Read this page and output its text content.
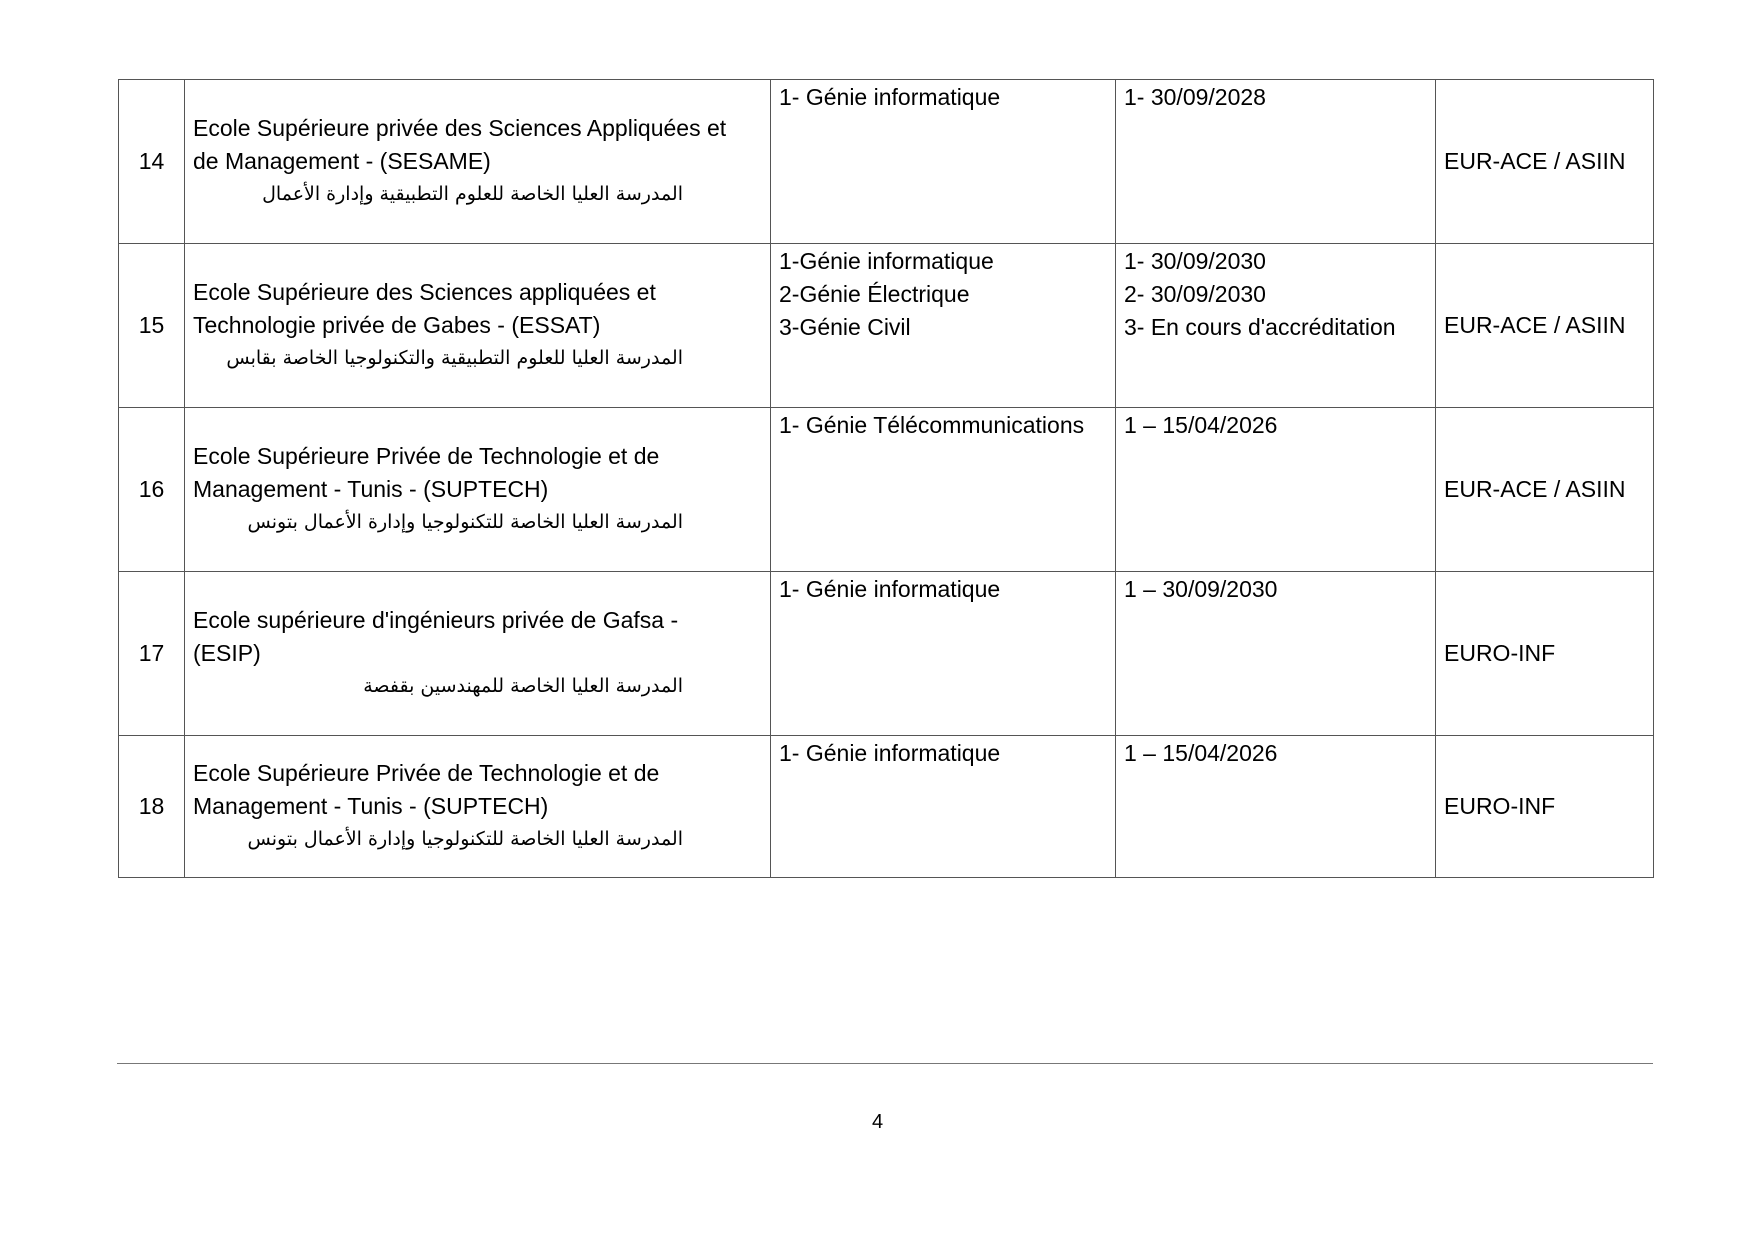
14	Ecole Supérieure privée des Sciences Appliquées et
de Management - (SESAME)
المدرسة العليا الخاصة للعلوم التطبيقية وإدارة الأعمال	1- Génie informatique	1- 30/09/2028	EUR-ACE / ASIIN
15	Ecole Supérieure des Sciences appliquées et
Technologie privée de Gabes - (ESSAT)
المدرسة العليا للعلوم التطبيقية والتكنولوجيا الخاصة بقابس	1-Génie informatique
2-Génie Électrique
3-Génie Civil	1- 30/09/2030
2- 30/09/2030
3- En cours d'accréditation	EUR-ACE / ASIIN
16	Ecole Supérieure Privée de Technologie et de
Management - Tunis - (SUPTECH)
المدرسة العليا الخاصة للتكنولوجيا وإدارة الأعمال بتونس	1- Génie Télécommunications	1 – 15/04/2026	EUR-ACE / ASIIN
17	Ecole supérieure d'ingénieurs privée de Gafsa -
(ESIP)
المدرسة العليا الخاصة للمهندسين بقفصة	1- Génie informatique	1 – 30/09/2030	EURO-INF
18	Ecole Supérieure Privée de Technologie et de
Management - Tunis - (SUPTECH)
المدرسة العليا الخاصة للتكنولوجيا وإدارة الأعمال بتونس	1- Génie informatique	1 – 15/04/2026	EURO-INF
4
